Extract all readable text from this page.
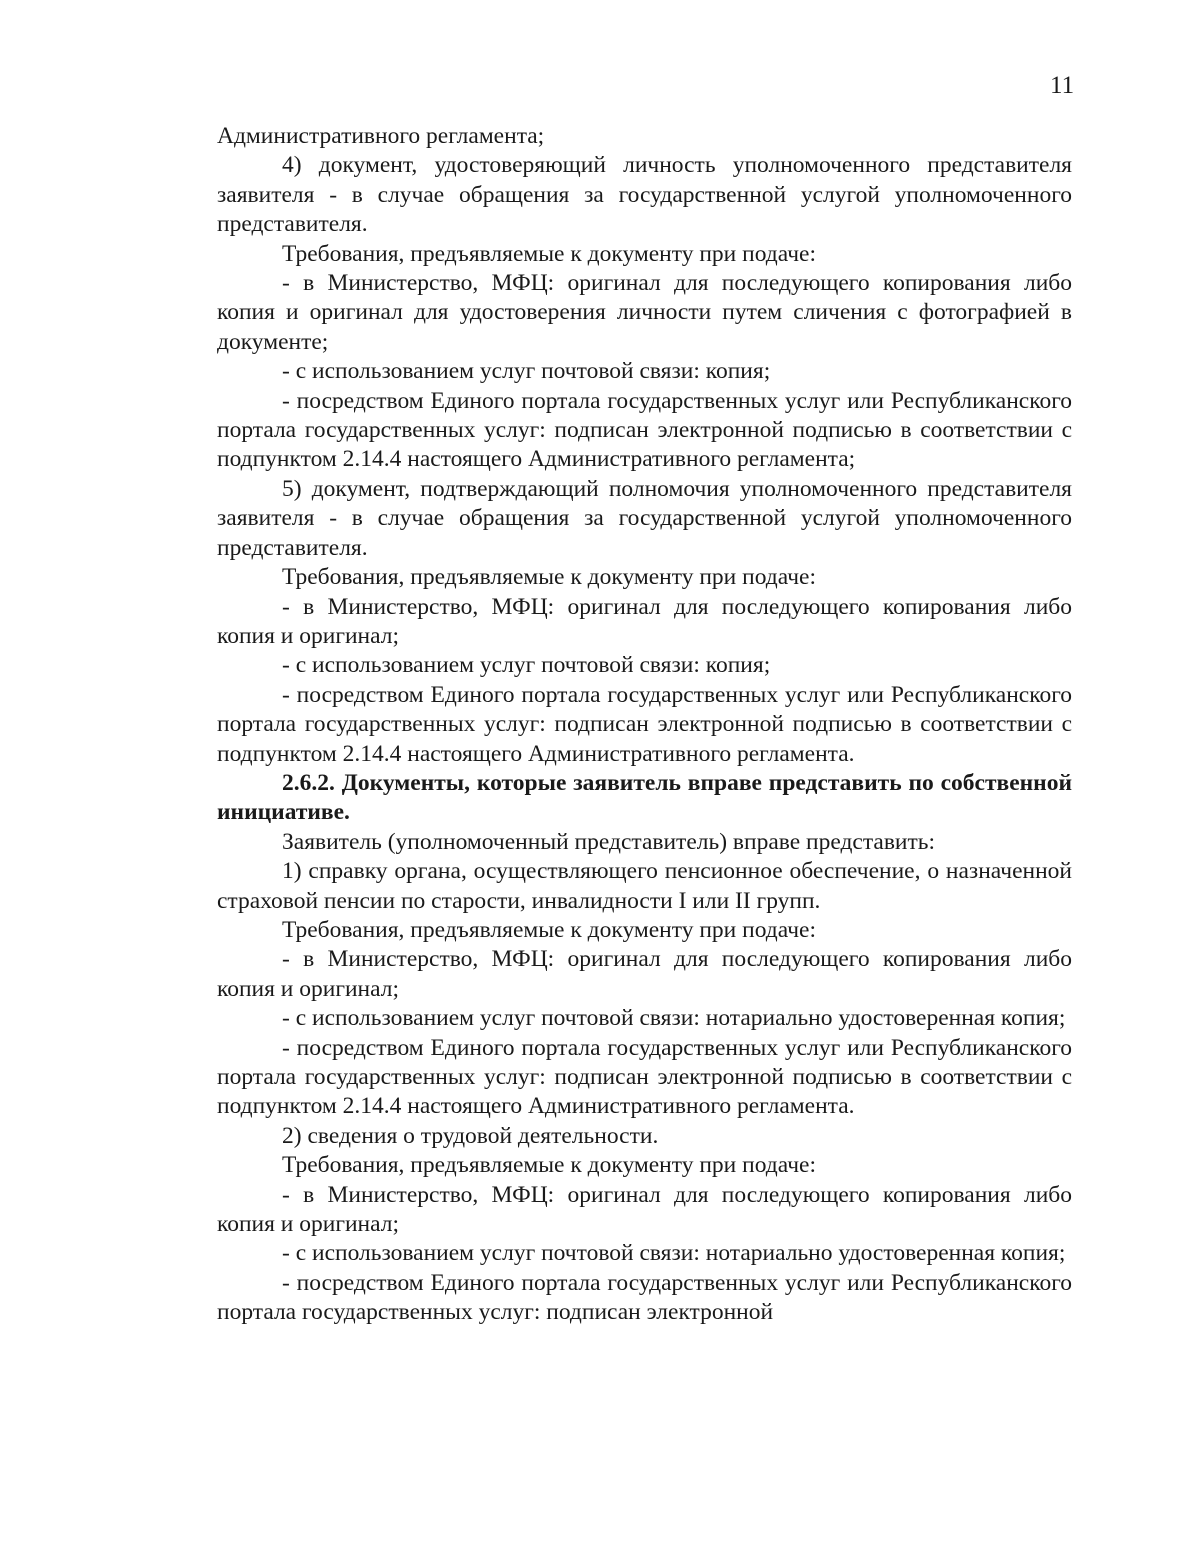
11

Административного регламента;

4) документ, удостоверяющий личность уполномоченного представителя заявителя - в случае обращения за государственной услугой уполномоченного представителя.

Требования, предъявляемые к документу при подаче:

- в Министерство, МФЦ: оригинал для последующего копирования либо копия и оригинал для удостоверения личности путем сличения с фотографией в документе;

- с использованием услуг почтовой связи: копия;

- посредством Единого портала государственных услуг или Республиканского портала государственных услуг: подписан электронной подписью в соответствии с подпунктом 2.14.4 настоящего Административного регламента;

5) документ, подтверждающий полномочия уполномоченного представителя заявителя - в случае обращения за государственной услугой уполномоченного представителя.

Требования, предъявляемые к документу при подаче:

- в Министерство, МФЦ: оригинал для последующего копирования либо копия и оригинал;

- с использованием услуг почтовой связи: копия;

- посредством Единого портала государственных услуг или Республиканского портала государственных услуг: подписан электронной подписью в соответствии с подпунктом 2.14.4 настоящего Административного регламента.

2.6.2. Документы, которые заявитель вправе представить по собственной инициативе.

Заявитель (уполномоченный представитель) вправе представить:

1) справку органа, осуществляющего пенсионное обеспечение, о назначенной страховой пенсии по старости, инвалидности I или II групп.

Требования, предъявляемые к документу при подаче:

- в Министерство, МФЦ: оригинал для последующего копирования либо копия и оригинал;

- с использованием услуг почтовой связи: нотариально удостоверенная копия;

- посредством Единого портала государственных услуг или Республиканского портала государственных услуг: подписан электронной подписью в соответствии с подпунктом 2.14.4 настоящего Административного регламента.

2) сведения о трудовой деятельности.

Требования, предъявляемые к документу при подаче:

- в Министерство, МФЦ: оригинал для последующего копирования либо копия и оригинал;

- с использованием услуг почтовой связи: нотариально удостоверенная копия;

- посредством Единого портала государственных услуг или Республиканского портала государственных услуг: подписан электронной
